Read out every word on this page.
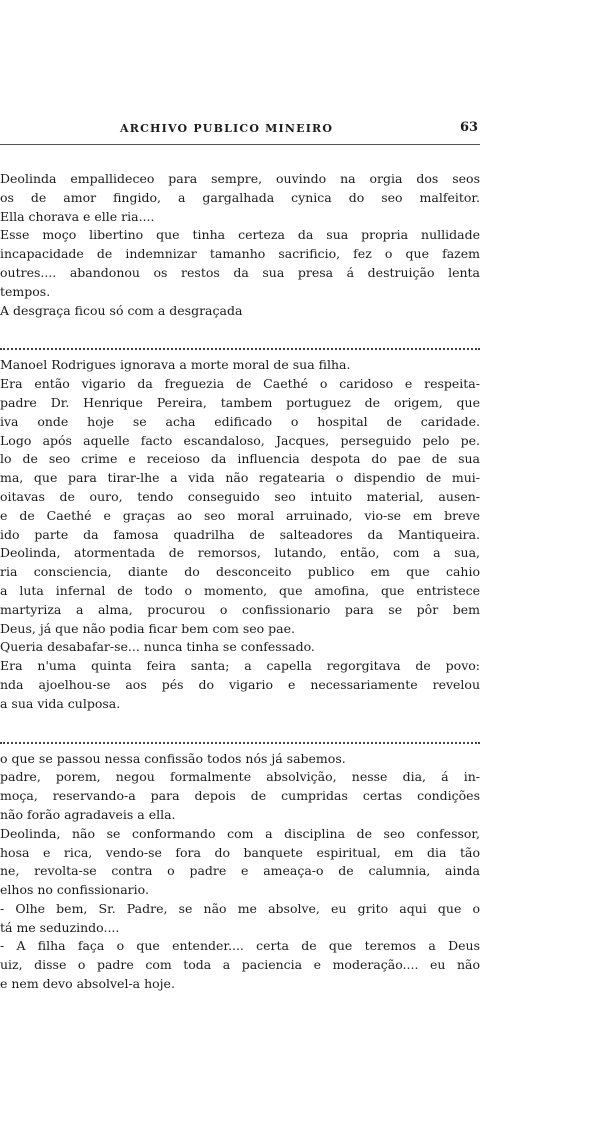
ARCHIVO PUBLICO MINEIRO	63
Deolinda empallideceo para sempre, ouvindo na orgia dos seos
os de amor fingido, a gargalhada cynica do seo malfeitor.
Ella chorava e elle ria....
Esse moço libertino que tinha certeza da sua propria nullidade
incapacidade de indemnizar tamanho sacrificio, fez o que fazem
outres.... abandonou os restos da sua presa á destruição lenta
tempos.
A desgraça ficou só com a desgraçada
Manoel Rodrigues ignorava a morte moral de sua filha.
Era então vigario da freguezia de Caethé o caridoso e respeita-
padre Dr. Henrique Pereira, tambem portuguez de origem, que
iva onde hoje se acha edificado o hospital de caridade.
Logo após aquelle facto escandaloso, Jacques, perseguido pelo pe.
lo de seo crime e receioso da influencia despota do pae de sua
ma, que para tirar-lhe a vida não regatearia o dispendio de mui-
oitavas de ouro, tendo conseguido seo intuito material, ausen-
e de Caethé e graças ao seo moral arruinado, vio-se em breve
ido parte da famosa quadrilha de salteadores da Mantiqueira.
Deolinda, atormentada de remorsos, lutando, então, com a sua,
ria consciencia, diante do desconceito publico em que cahio
a luta infernal de todo o momento, que amofina, que entristece
martyriza a alma, procurou o confissionario para se pôr bem
Deus, já que não podia ficar bem com seo pae.
Queria desabafar-se... nunca tinha se confessado.
Era n'uma quinta feira santa; a capella regorgitava de povo:
nda ajoelhou-se aos pés do vigario e necessariamente revelou
a sua vida culposa.
o que se passou nessa confissão todos nós já sabemos.
padre, porem, negou formalmente absolvição, nesse dia, á in-
moça, reservando-a para depois de cumpridas certas condições
não forão agradaveis a ella.
Deolinda, não se conformando com a disciplina de seo confessor,
hosa e rica, vendo-se fora do banquete espiritual, em dia tão
ne, revolta-se contra o padre e ameaça-o de calumnia, ainda
elhos no confissionario.
- Olhe bem, Sr. Padre, se não me absolve, eu grito aqui que o
tá me seduzindo....
- A filha faça o que entender.... certa de que teremos a Deus
uiz, disse o padre com toda a paciencia e moderação.... eu não
e nem devo absolvel-a hoje.
